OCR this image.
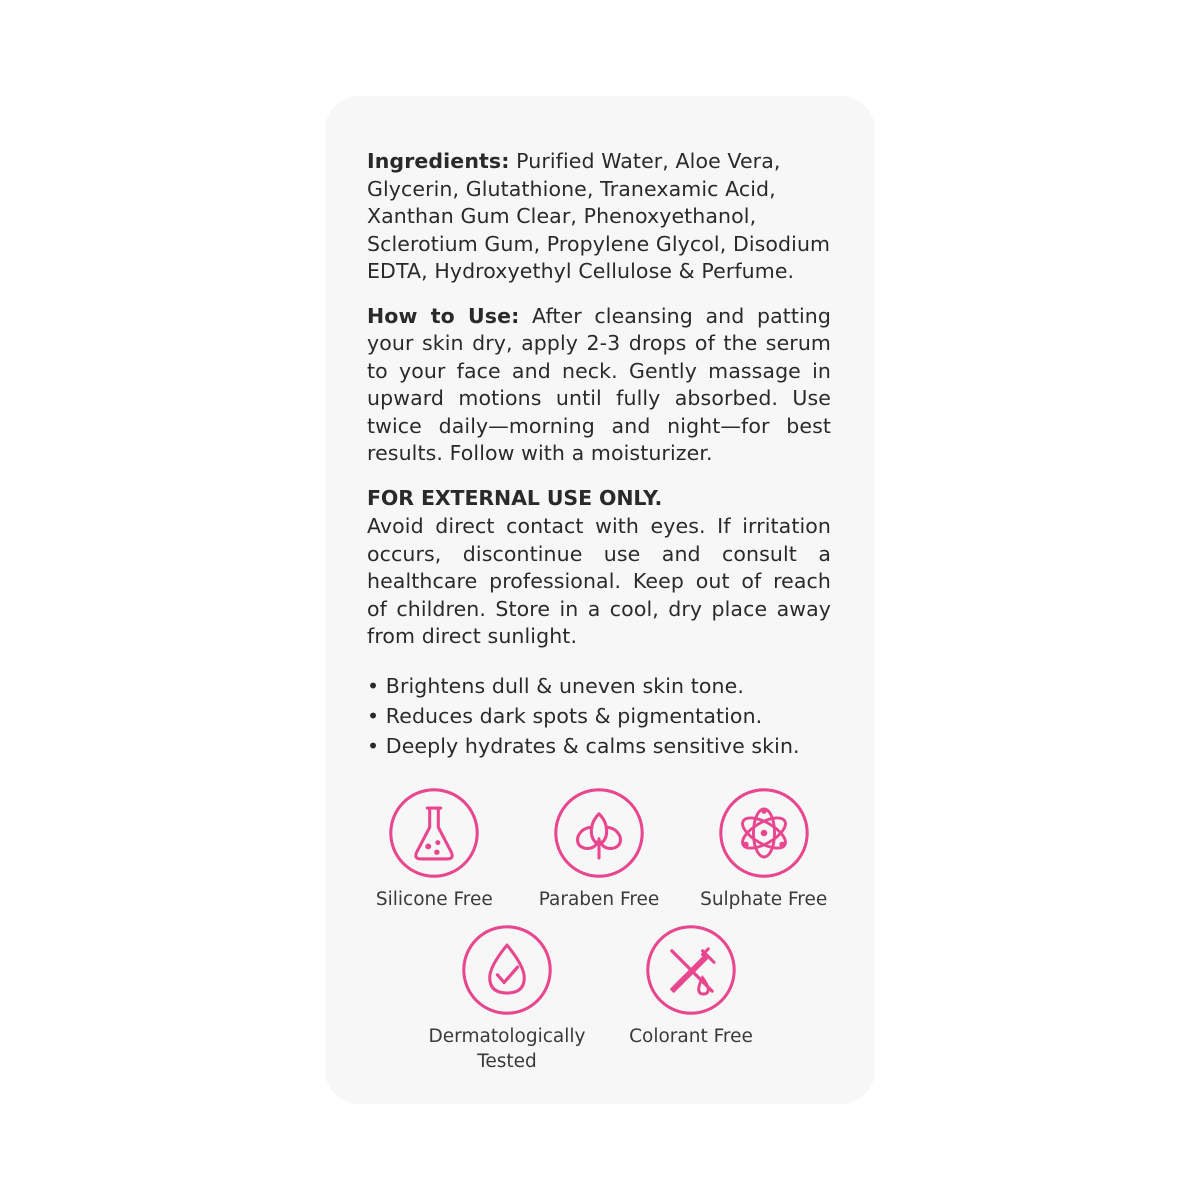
Ingredients: Purified Water, Aloe Vera, Glycerin, Glutathione, Tranexamic Acid, Xanthan Gum Clear, Phenoxyethanol, Sclerotium Gum, Propylene Glycol, Disodium EDTA, Hydroxyethyl Cellulose & Perfume.

How to Use: After cleansing and patting your skin dry, apply 2-3 drops of the serum to your face and neck. Gently massage in upward motions until fully absorbed. Use twice daily—morning and night—for best results. Follow with a moisturizer.

FOR EXTERNAL USE ONLY.

Avoid direct contact with eyes. If irritation occurs, discontinue use and consult a healthcare professional. Keep out of reach of children. Store in a cool, dry place away from direct sunlight.

• Brightens dull & uneven skin tone.
• Reduces dark spots & pigmentation.
• Deeply hydrates & calms sensitive skin.
Silicone Free Paraben Free Sulphate Free
Dermatologically Tested
Colorant Free
